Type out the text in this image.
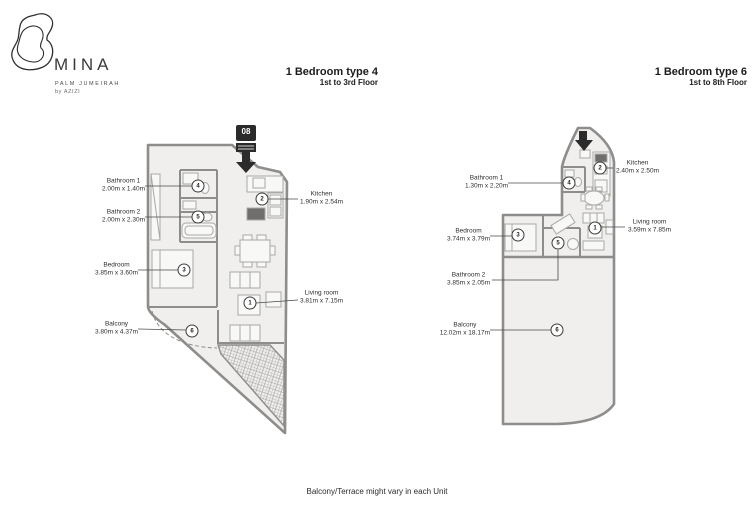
MINA
PALM JUMEIRAH
by AZIZI
1 Bedroom type 4
1st to 3rd Floor
1 Bedroom type 6
1st to 8th Floor
08
1
2
3
4
5
6
Bathroom 1
2.00m x 1.40m
Bathroom 2
2.00m x 2.30m
Bedroom
3.85m x 3.60m
Balcony
3.80m x 4.37m
Kitchen
1.90m x 2.54m
Living room
3.81m x 7.15m
1
2
3
4
5
6
Bathroom 1
1.30m x 2.20m
Bedroom
3.74m x 3.79m
Bathroom 2
3.85m x 2.05m
Balcony
12.02m x 18.17m
Kitchen
2.40m x 2.50m
Living room
3.59m x 7.85m
Balcony/Terrace might vary in each Unit
